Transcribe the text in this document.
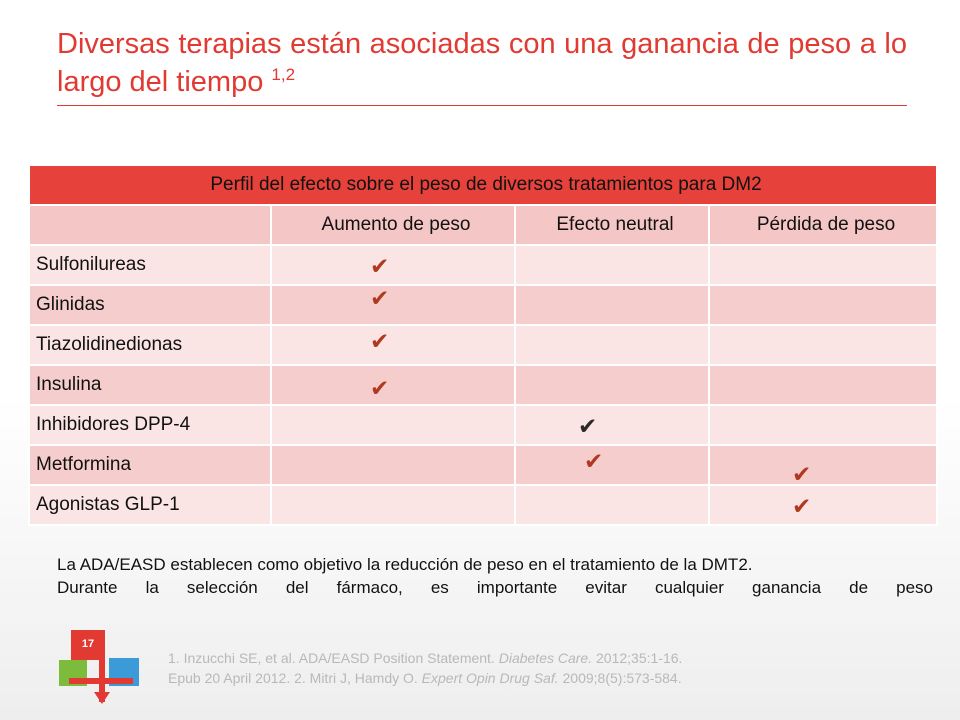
Diversas terapias están asociadas con una ganancia de peso a lo largo del tiempo $^{1,2}$
Perfil del efecto sobre el peso de diversos tratamientos para DM2			
	Aumento de peso	Efecto neutral	Pérdida de peso
Sulfonilureas	✔		
Glinidas	✔		
Tiazolidinedionas	✔		
Insulina	✔		
Inhibidores DPP-4		✔	
Metformina		✔	✔
Agonistas GLP-1			✔

La ADA/EASD establecen como objetivo la reducción de peso en el tratamiento de la DMT2.

Durante la selección del fármaco, es importante evitar cualquier ganancia de peso

17
1. Inzucchi SE, et al. ADA/EASD Position Statement. Diabetes Care. 2012;35:1-16.
Epub 20 April 2012. 2. Mitri J, Hamdy O. Expert Opin Drug Saf. 2009;8(5):573-584.
